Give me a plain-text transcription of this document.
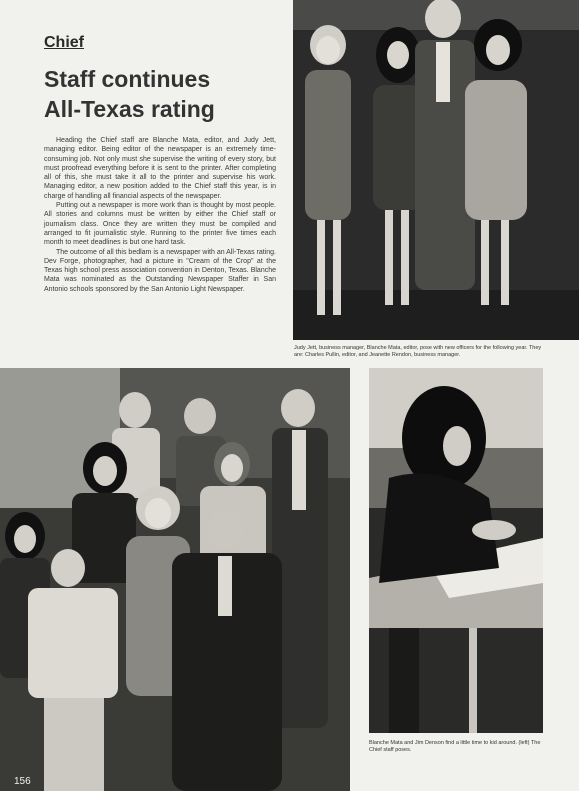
Chief
Staff continues
All-Texas rating

Heading the Chief staff are Blanche Mata, editor, and Judy Jett, managing editor. Being editor of the newspaper is an extremely time-consuming job. Not only must she supervise the writing of every story, but must proofread everything before it is sent to the printer. After completing all of this, she must take it all to the printer and supervise his work. Managing editor, a new position added to the Chief staff this year, is in charge of handling all financial aspects of the newspaper.

Putting out a newspaper is more work than is thought by most people. All stories and columns must be written by either the Chief staff or journalism class. Once they are written they must be compiled and arranged to fit journalistic style. Running to the printer five times each month to meet deadlines is but one hard task.

The outcome of all this bedlam is a newspaper with an All-Texas rating. Dev Forge, photographer, had a picture in "Cream of the Crop" at the Texas high school press association convention in Denton, Texas. Blanche Mata was nominated as the Outstanding Newspaper Staffer in San Antonio schools sponsored by the San Antonio Light Newspaper.

Judy Jett, business manager, Blanche Mata, editor, pose with new officers for the following year. They are: Charles Pullin, editor, and Jeanette Rendon, business manager.
156
Blanche Mata and Jim Denson find a little time to kid around. (left) The Chief staff poses.
